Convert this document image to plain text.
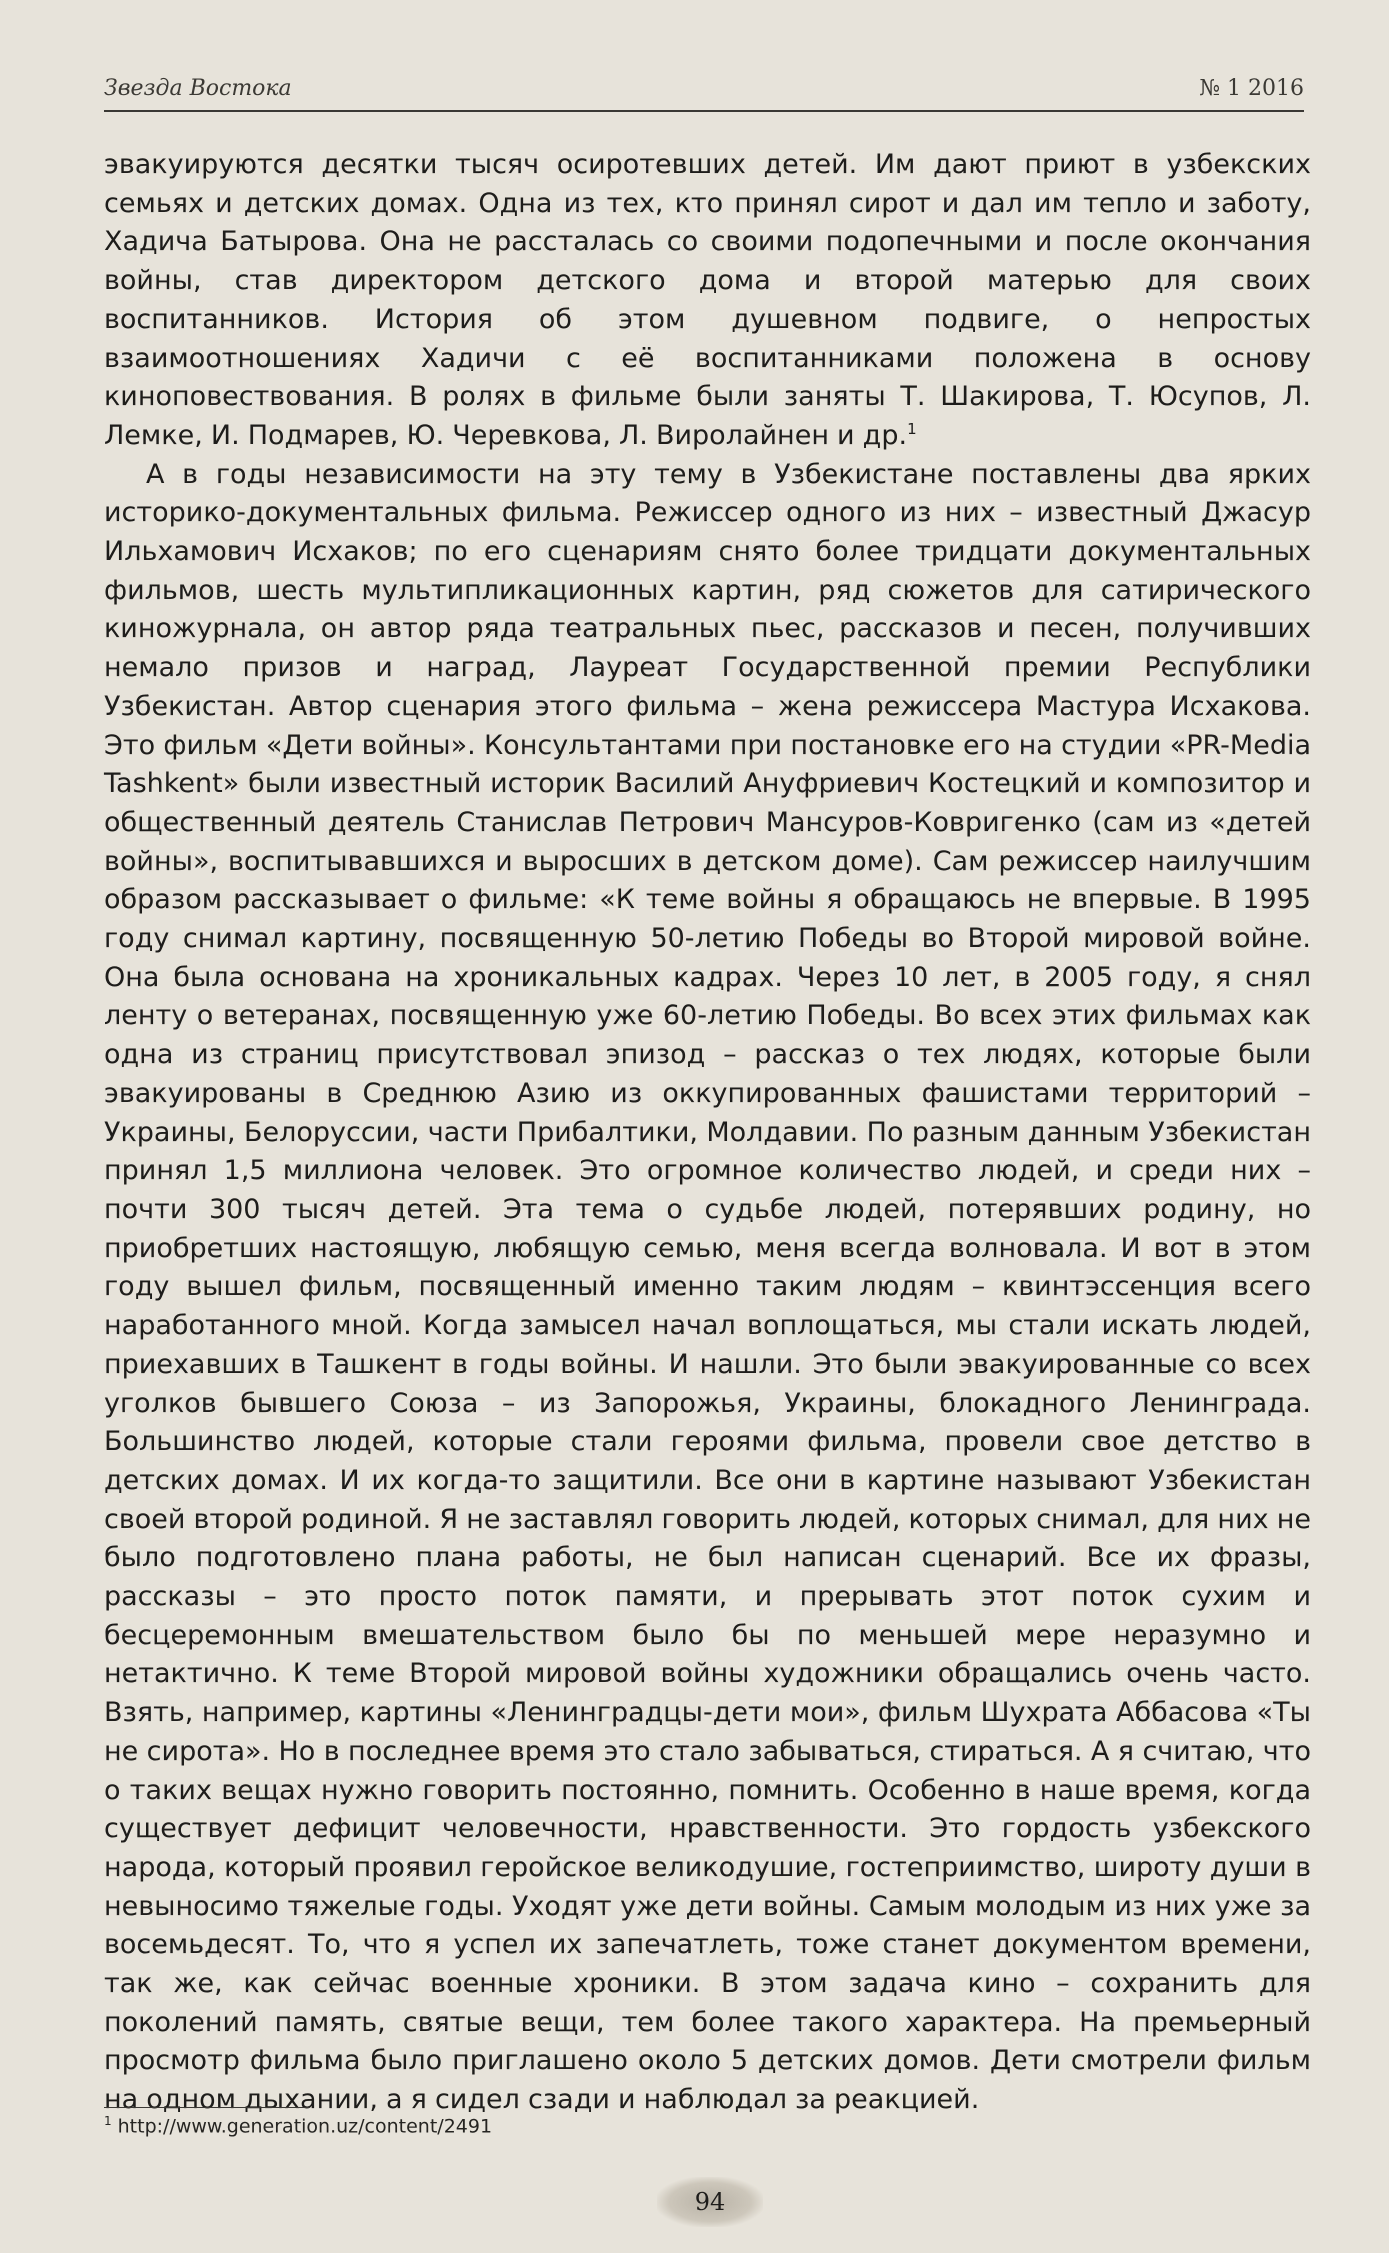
Звезда Востока	№ 1 2016

эвакуируются десятки тысяч осиротевших детей. Им дают приют в узбекских семьях и детских домах. Одна из тех, кто принял сирот и дал им тепло и заботу, Хадича Батырова. Она не рассталась со своими подопечными и после окончания войны, став директором детского дома и второй матерью для своих воспитанников. История об этом душевном подвиге, о непростых взаимоотношениях Хадичи с её воспитанниками положена в основу киноповествования. В ролях в фильме были заняты Т. Шакирова, Т. Юсупов, Л. Лемке, И. Подмарев, Ю. Черевкова, Л. Виролайнен и др.$^1$

А в годы независимости на эту тему в Узбекистане поставлены два ярких историко-документальных фильма. Режиссер одного из них – известный Джасур Ильхамович Исхаков; по его сценариям снято более тридцати документальных фильмов, шесть мультипликационных картин, ряд сюжетов для сатирического киножурнала, он автор ряда театральных пьес, рассказов и песен, получивших немало призов и наград, Лауреат Государственной премии Республики Узбекистан. Автор сценария этого фильма – жена режиссера Мастура Исхакова. Это фильм «Дети войны». Консультантами при постановке его на студии «PR-Media Tashkent» были известный историк Василий Ануфриевич Костецкий и композитор и общественный деятель Станислав Петрович Мансуров-Ковригенко (сам из «детей войны», воспитывавшихся и выросших в детском доме). Сам режиссер наилучшим образом рассказывает о фильме: «К теме войны я обращаюсь не впервые. В 1995 году снимал картину, посвященную 50-летию Победы во Второй мировой войне. Она была основана на хроникальных кадрах. Через 10 лет, в 2005 году, я снял ленту о ветеранах, посвященную уже 60-летию Победы. Во всех этих фильмах как одна из страниц присутствовал эпизод – рассказ о тех людях, которые были эвакуированы в Среднюю Азию из оккупированных фашистами территорий – Украины, Белоруссии, части Прибалтики, Молдавии. По разным данным Узбекистан принял 1,5 миллиона человек. Это огромное количество людей, и среди них – почти 300 тысяч детей. Эта тема о судьбе людей, потерявших родину, но приобретших настоящую, любящую семью, меня всегда волновала. И вот в этом году вышел фильм, посвященный именно таким людям – квинтэссенция всего наработанного мной. Когда замысел начал воплощаться, мы стали искать людей, приехавших в Ташкент в годы войны. И нашли. Это были эвакуированные со всех уголков бывшего Союза – из Запорожья, Украины, блокадного Ленинграда. Большинство людей, которые стали героями фильма, провели свое детство в детских домах. И их когда-то защитили. Все они в картине называют Узбекистан своей второй родиной. Я не заставлял говорить людей, которых снимал, для них не было подготовлено плана работы, не был написан сценарий. Все их фразы, рассказы – это просто поток памяти, и прерывать этот поток сухим и бесцеремонным вмешательством было бы по меньшей мере неразумно и нетактично. К теме Второй мировой войны художники обращались очень часто. Взять, например, картины «Ленинградцы-дети мои», фильм Шухрата Аббасова «Ты не сирота». Но в последнее время это стало забываться, стираться. А я считаю, что о таких вещах нужно говорить постоянно, помнить. Особенно в наше время, когда существует дефицит человечности, нравственности. Это гордость узбекского народа, который проявил геройское великодушие, гостеприимство, широту души в невыносимо тяжелые годы. Уходят уже дети войны. Самым молодым из них уже за восемьдесят. То, что я успел их запечатлеть, тоже станет документом времени, так же, как сейчас военные хроники. В этом задача кино – сохранить для поколений память, святые вещи, тем более такого характера. На премьерный просмотр фильма было приглашено около 5 детских домов. Дети смотрели фильм на одном дыхании, а я сидел сзади и наблюдал за реакцией.

$^1$ http://www.generation.uz/content/2491
94
